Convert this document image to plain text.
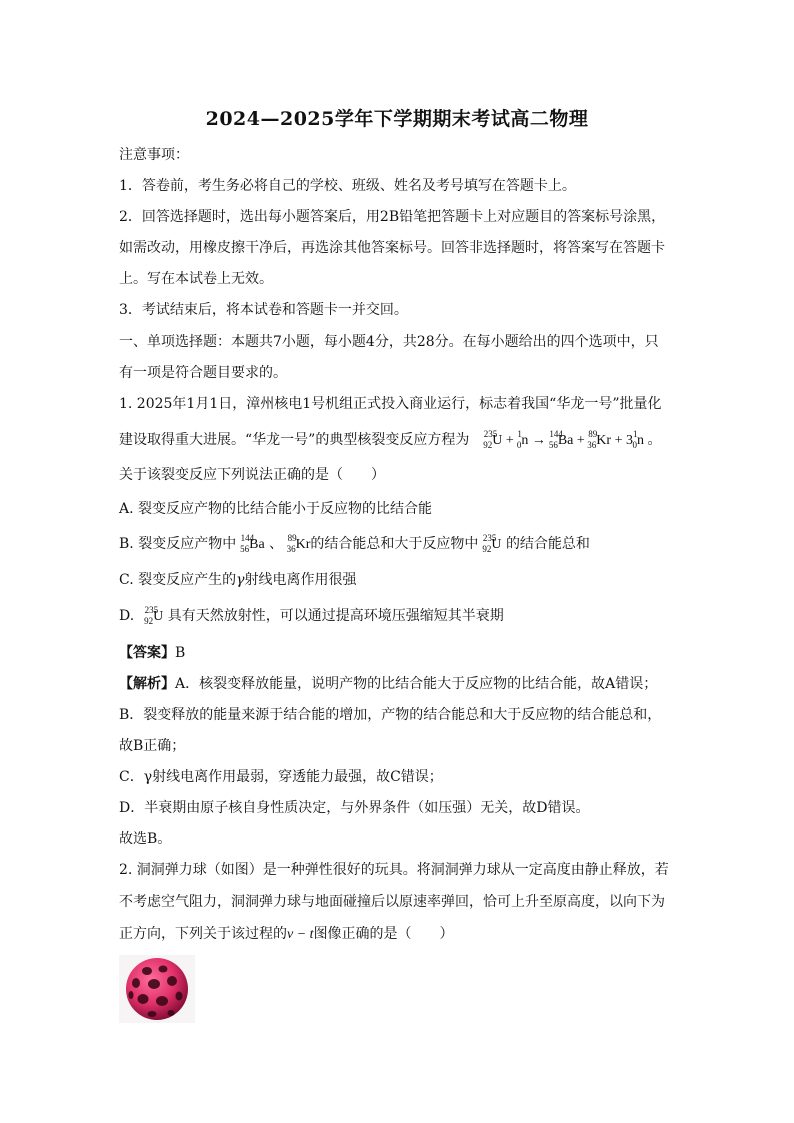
2024—2025学年下学期期末考试高二物理
注意事项：
1．答卷前，考生务必将自己的学校、班级、姓名及考号填写在答题卡上。
2．回答选择题时，选出每小题答案后，用2B铅笔把答题卡上对应题目的答案标号涂黑，
如需改动，用橡皮擦干净后，再选涂其他答案标号。回答非选择题时，将答案写在答题卡
上。写在本试卷上无效。
3．考试结束后，将本试卷和答题卡一并交回。
一、单项选择题：本题共7小题，每小题4分，共28分。在每小题给出的四个选项中，只
有一项是符合题目要求的。
1. 2025年1月1日，漳州核电1号机组正式投入商业运行，标志着我国“华龙一号”批量化
建设取得重大进展。“华龙一号”的典型核裂变反应方程为 $^{235}_{92}U + ^1_0n \to ^{144}_{56}Ba + ^{89}_{36}Kr + 3^1_0n$ 。
关于该裂变反应下列说法正确的是（　　）
A. 裂变反应产物的比结合能小于反应物的比结合能
B. 裂变反应产物中 $^{144}_{56}$Ba 、 $^{89}_{36}$Kr的结合能总和大于反应物中 $^{235}_{92}$U 的结合能总和
C. 裂变反应产生的γ射线电离作用很强
D. $^{235}_{92}$U 具有天然放射性，可以通过提高环境压强缩短其半衰期
【答案】B
【解析】A．核裂变释放能量，说明产物的比结合能大于反应物的比结合能，故A错误；
B．裂变释放的能量来源于结合能的增加，产物的结合能总和大于反应物的结合能总和，
故B正确；
C．γ射线电离作用最弱，穿透能力最强，故C错误；
D．半衰期由原子核自身性质决定，与外界条件（如压强）无关，故D错误。
故选B。
2. 洞洞弹力球（如图）是一种弹性很好的玩具。将洞洞弹力球从一定高度由静止释放，若
不考虑空气阻力，洞洞弹力球与地面碰撞后以原速率弹回，恰可上升至原高度，以向下为
正方向，下列关于该过程的v − t图像正确的是（　　）
